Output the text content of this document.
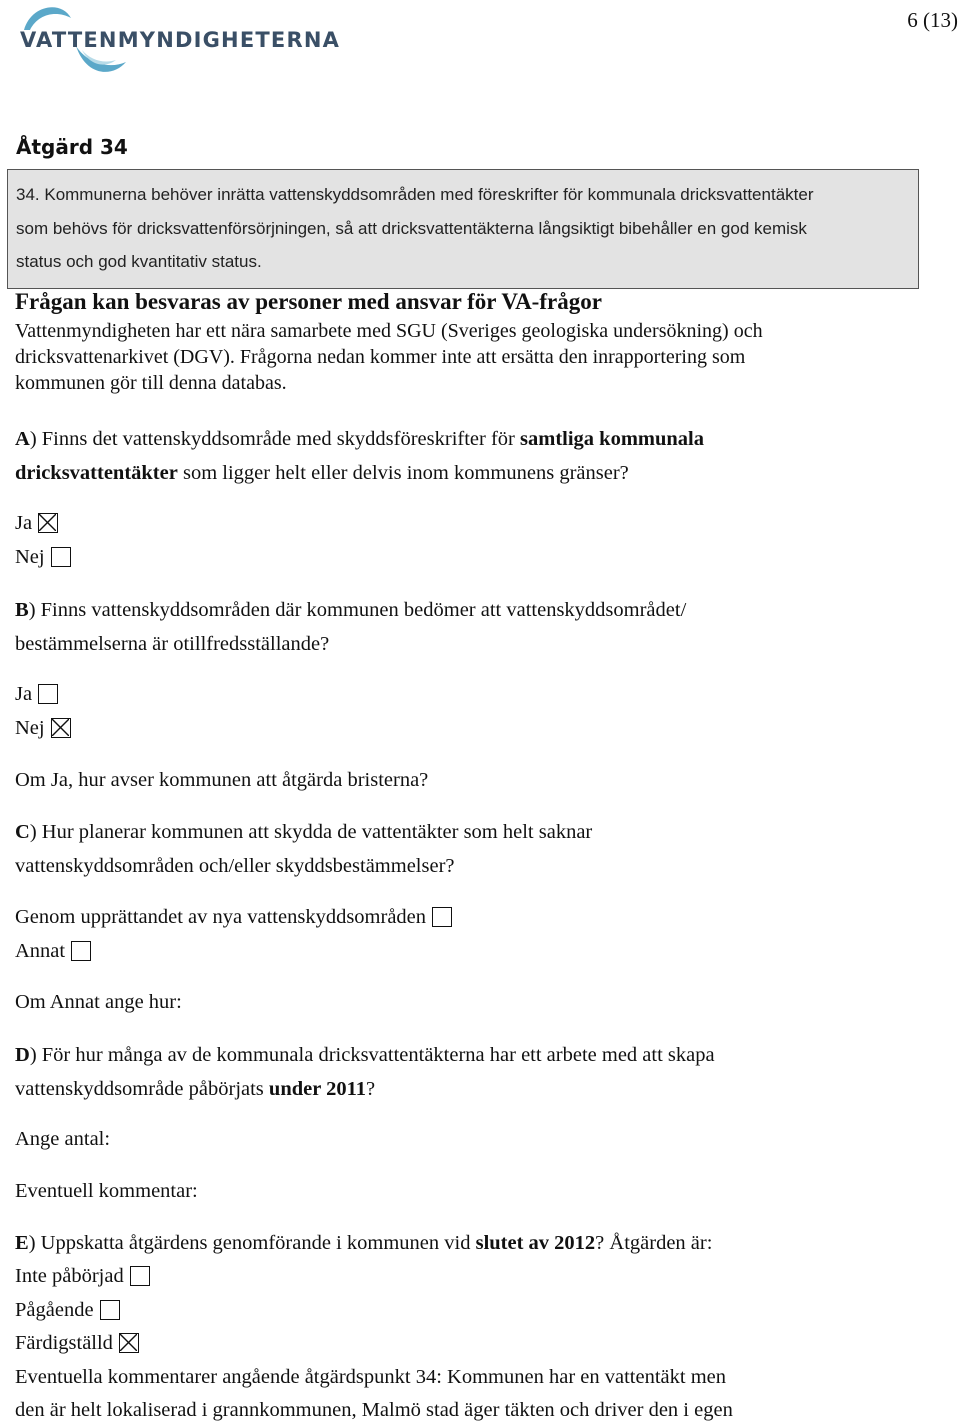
VATTENMYNDIGHETERNA
6 (13)
Åtgärd 34
34. Kommunerna behöver inrätta vattenskyddsområden med föreskrifter för kommunala dricksvattentäkter
som behövs för dricksvattenförsörjningen, så att dricksvattentäkterna långsiktigt bibehåller en god kemisk
status och god kvantitativ status.
Frågan kan besvaras av personer med ansvar för VA-frågor
Vattenmyndigheten har ett nära samarbete med SGU (Sveriges geologiska undersökning) och
dricksvattenarkivet (DGV). Frågorna nedan kommer inte att ersätta den inrapportering som
kommunen gör till denna databas.
A) Finns det vattenskyddsområde med skyddsföreskrifter för samtliga kommunala
dricksvattentäkter som ligger helt eller delvis inom kommunens gränser?
Ja
Nej
B) Finns vattenskyddsområden där kommunen bedömer att vattenskyddsområdet/
bestämmelserna är otillfredsställande?
Ja
Nej
Om Ja, hur avser kommunen att åtgärda bristerna?
C) Hur planerar kommunen att skydda de vattentäkter som helt saknar
vattenskyddsområden och/eller skyddsbestämmelser?
Genom upprättandet av nya vattenskyddsområden
Annat
Om Annat ange hur:
D) För hur många av de kommunala dricksvattentäkterna har ett arbete med att skapa
vattenskyddsområde påbörjats under 2011?
Ange antal:
Eventuell kommentar:
E) Uppskatta åtgärdens genomförande i kommunen vid slutet av 2012? Åtgärden är:
Inte påbörjad
Pågående
Färdigställd
Eventuella kommentarer angående åtgärdspunkt 34: Kommunen har en vattentäkt men
den är helt lokaliserad i grannkommunen, Malmö stad äger täkten och driver den i egen
